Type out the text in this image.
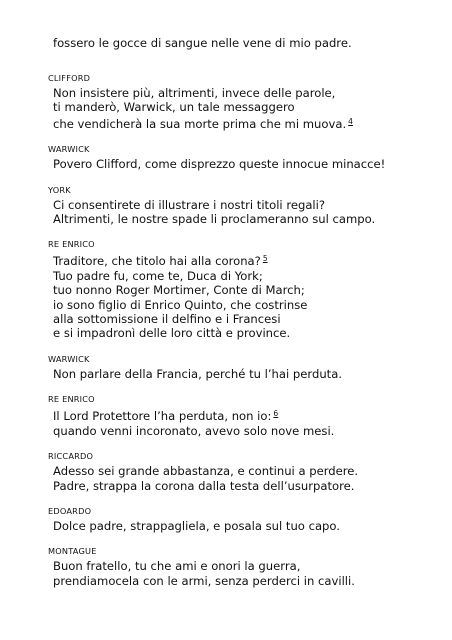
fossero le gocce di sangue nelle vene di mio padre.
CLIFFORD
Non insistere più, altrimenti, invece delle parole,
ti manderò, Warwick, un tale messaggero
che vendicherà la sua morte prima che mi muova. $^4$
WARWICK
Povero Clifford, come disprezzo queste innocue minacce!
YORK
Ci consentirete di illustrare i nostri titoli regali?
Altrimenti, le nostre spade li proclameranno sul campo.
RE ENRICO
Traditore, che titolo hai alla corona? $^5$
Tuo padre fu, come te, Duca di York;
tuo nonno Roger Mortimer, Conte di March;
io sono figlio di Enrico Quinto, che costrinse
alla sottomissione il delfino e i Francesi
e si impadronì delle loro città e province.
WARWICK
Non parlare della Francia, perché tu l’hai perduta.
RE ENRICO
Il Lord Protettore l’ha perduta, non io: $^6$
quando venni incoronato, avevo solo nove mesi.
RICCARDO
Adesso sei grande abbastanza, e continui a perdere.
Padre, strappa la corona dalla testa dell’usurpatore.
EDOARDO
Dolce padre, strappagliela, e posala sul tuo capo.
MONTAGUE
Buon fratello, tu che ami e onori la guerra,
prendiamocela con le armi, senza perderci in cavilli.
